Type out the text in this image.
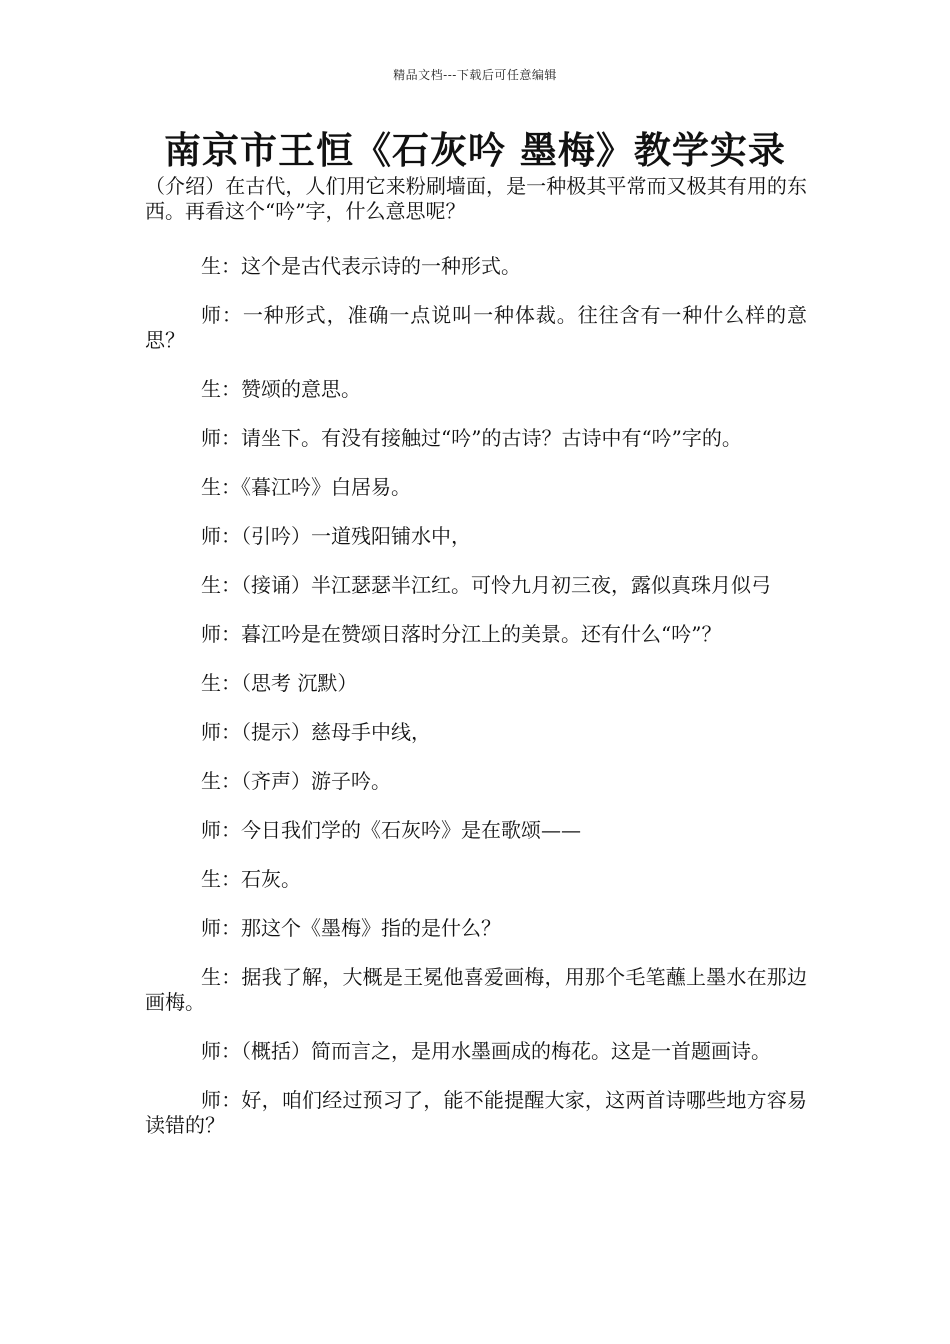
精品文档---下载后可任意编辑
南京市王恒《石灰吟 墨梅》教学实录

（介绍）在古代，人们用它来粉刷墙面，是一种极其平常而又极其有用的东西。再看这个“吟”字，什么意思呢？

生：这个是古代表示诗的一种形式。

师：一种形式，准确一点说叫一种体裁。往往含有一种什么样的意思？

生：赞颂的意思。

师：请坐下。有没有接触过“吟”的古诗？古诗中有“吟”字的。

生：《暮江吟》白居易。

师：（引吟）一道残阳铺水中，

生：（接诵）半江瑟瑟半江红。可怜九月初三夜，露似真珠月似弓

师：暮江吟是在赞颂日落时分江上的美景。还有什么“吟”？

生：（思考 沉默）

师：（提示）慈母手中线，

生：（齐声）游子吟。

师：今日我们学的《石灰吟》是在歌颂——

生：石灰。

师：那这个《墨梅》指的是什么？

生：据我了解，大概是王冕他喜爱画梅，用那个毛笔蘸上墨水在那边画梅。

师：（概括）简而言之，是用水墨画成的梅花。这是一首题画诗。

师：好，咱们经过预习了，能不能提醒大家，这两首诗哪些地方容易读错的？
